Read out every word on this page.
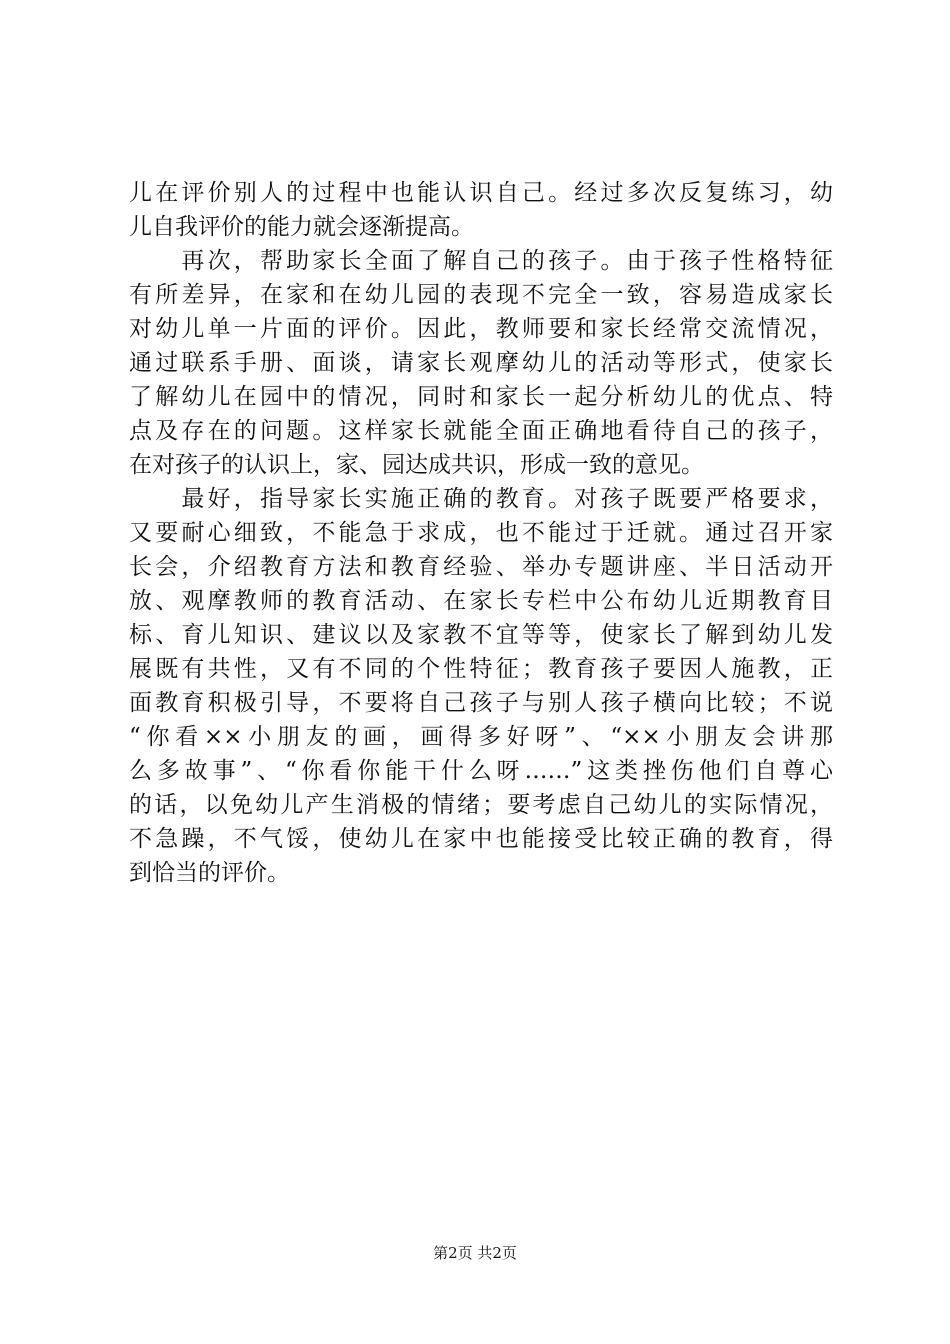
儿在评价别人的过程中也能认识自己。经过多次反复练习，幼
儿自我评价的能力就会逐渐提高。
　　再次，帮助家长全面了解自己的孩子。由于孩子性格特征
有所差异，在家和在幼儿园的表现不完全一致，容易造成家长
对幼儿单一片面的评价。因此，教师要和家长经常交流情况，
通过联系手册、面谈，请家长观摩幼儿的活动等形式，使家长
了解幼儿在园中的情况，同时和家长一起分析幼儿的优点、特
点及存在的问题。这样家长就能全面正确地看待自己的孩子，
在对孩子的认识上，家、园达成共识，形成一致的意见。
　　最好，指导家长实施正确的教育。对孩子既要严格要求，
又要耐心细致，不能急于求成，也不能过于迁就。通过召开家
长会，介绍教育方法和教育经验、举办专题讲座、半日活动开
放、观摩教师的教育活动、在家长专栏中公布幼儿近期教育目
标、育儿知识、建议以及家教不宜等等，使家长了解到幼儿发
展既有共性，又有不同的个性特征；教育孩子要因人施教，正
面教育积极引导，不要将自己孩子与别人孩子横向比较；不说
“你看××小朋友的画，画得多好呀”、“××小朋友会讲那
么多故事”、“你看你能干什么呀……”这类挫伤他们自尊心
的话，以免幼儿产生消极的情绪；要考虑自己幼儿的实际情况，
不急躁，不气馁，使幼儿在家中也能接受比较正确的教育，得
到恰当的评价。
第2页 共2页
